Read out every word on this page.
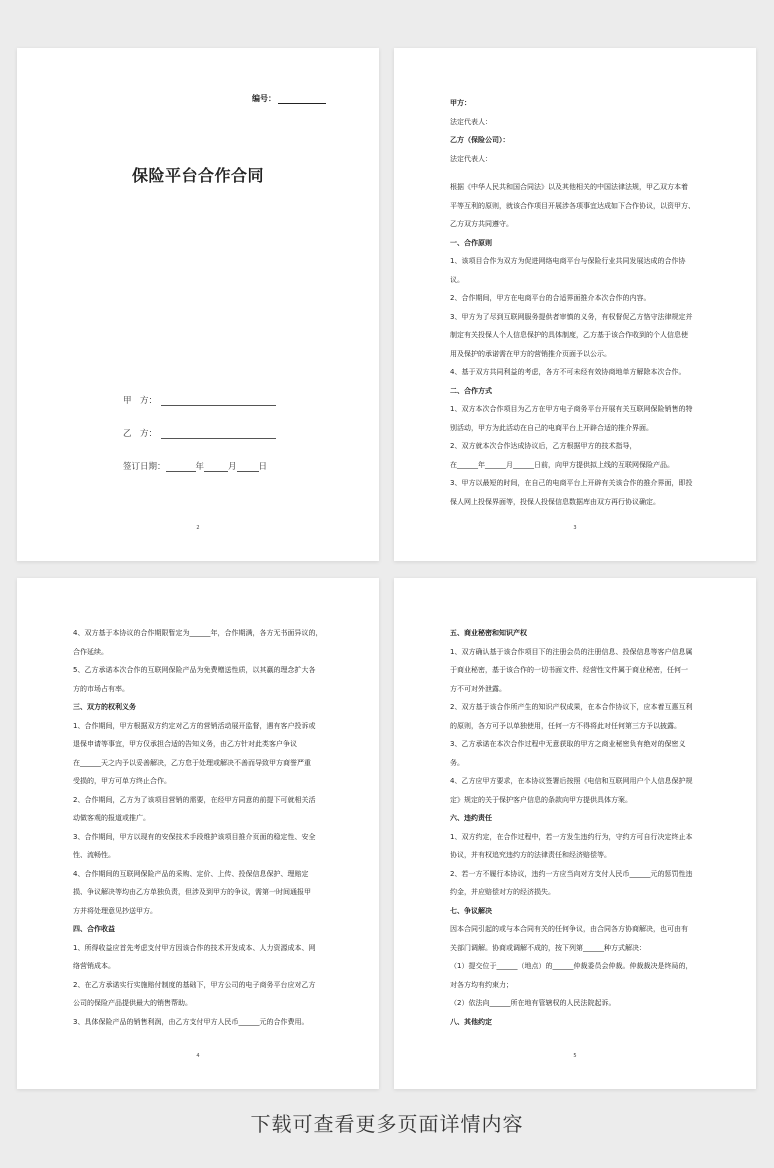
编号：
保险平台合作合同
甲　方：
乙　方：
签订日期：	年	月	日
2

甲方：

法定代表人：

乙方（保险公司）：

法定代表人：

根据《中华人民共和国合同法》以及其他相关的中国法律法规，甲乙双方本着

平等互利的原则，就该合作项目开展涉各项事宜达成如下合作协议，以资甲方、

乙方双方共同遵守。

一、合作原则

1、该项目合作为双方为促进网络电商平台与保险行业共同发展达成的合作协

议。

2、合作期间，甲方在电商平台的合适界面推介本次合作的内容。

3、甲方为了尽到互联网服务提供者审慎的义务，有权督促乙方恪守法律规定并

制定有关投保人个人信息保护的具体制度，乙方基于该合作收到的个人信息使

用及保护的承诺需在甲方的营销推介页面予以公示。

4、基于双方共同利益的考虑，各方不可未经有效协商地单方解除本次合作。

二、合作方式

1、双方本次合作项目为乙方在甲方电子商务平台开展有关互联网保险销售的特

别活动，甲方为此活动在自己的电商平台上开辟合适的推介界面。

2、双方就本次合作达成协议后，乙方根据甲方的技术指导，

在______年______月______日前，向甲方提供拟上线的互联网保险产品。

3、甲方以最短的时间，在自己的电商平台上开辟有关该合作的推介界面，即投

保人网上投保界面等，投保人投保信息数据库由双方再行协议确定。

3

4、双方基于本协议的合作期限暂定为______年，合作期满，各方无书面异议的，

合作延续。

5、乙方承诺本次合作的互联网保险产品为免费赠送性质，以其赢的理念扩大各

方的市场占有率。

三、双方的权利义务

1、合作期间，甲方根据双方约定对乙方的营销活动展开监督，遇有客户投诉或

退保申请等事宜，甲方仅承担合适的告知义务，由乙方针对此类客户争议

在______天之内予以妥善解决，乙方怠于处理或解决不善而导致甲方商誉严重

受损的，甲方可单方终止合作。

2、合作期间，乙方为了该项目营销的需要，在经甲方同意的前提下可就相关活

动做客观的报道或推广。

3、合作期间，甲方以现有的安保技术手段维护该项目推介页面的稳定性、安全

性、流畅性。

4、合作期间的互联网保险产品的采购、定价、上传、投保信息保护、理赔定

损、争议解决等均由乙方单独负责，但涉及到甲方的争议，需第一时间通报甲

方并将处理意见抄送甲方。

四、合作收益

1、所得收益应首先考虑支付甲方因该合作的技术开发成本、人力资源成本、网

络营销成本。

2、在乙方承诺实行实施赔付制度的基础下，甲方公司的电子商务平台应对乙方

公司的保险产品提供最大的销售帮助。

3、具体保险产品的销售利润，由乙方支付甲方人民币______元的合作费用。

4

五、商业秘密和知识产权

1、双方确认基于该合作项目下的注册会员的注册信息、投保信息等客户信息属

于商业秘密，基于该合作的一切书面文件、经营性文件属于商业秘密，任何一

方不可对外泄露。

2、双方基于该合作所产生的知识产权成果，在本合作协议下，应本着互惠互利

的原则，各方可予以单独使用，任何一方不得将此对任何第三方予以披露。

3、乙方承诺在本次合作过程中无意获取的甲方之商业秘密负有绝对的保密义

务。

4、乙方应甲方要求，在本协议签署后按照《电信和互联网用户个人信息保护规

定》规定的关于保护客户信息的条款向甲方提供具体方案。

六、违约责任

1、双方约定，在合作过程中，若一方发生违约行为，守约方可自行决定终止本

协议，并有权追究违约方的法律责任和经济赔偿等。

2、若一方不履行本协议，违约一方应当向对方支付人民币______元的惩罚性违

约金，并应赔偿对方的经济损失。

七、争议解决

因本合同引起的或与本合同有关的任何争议，由合同各方协商解决，也可由有

关部门调解。协商或调解不成的，按下列第______种方式解决：

（1）提交位于______（地点）的______仲裁委员会仲裁。仲裁裁决是终局的，

对各方均有约束力；

（2）依法向______所在地有管辖权的人民法院起诉。

八、其他约定

5
下载可查看更多页面详情内容
